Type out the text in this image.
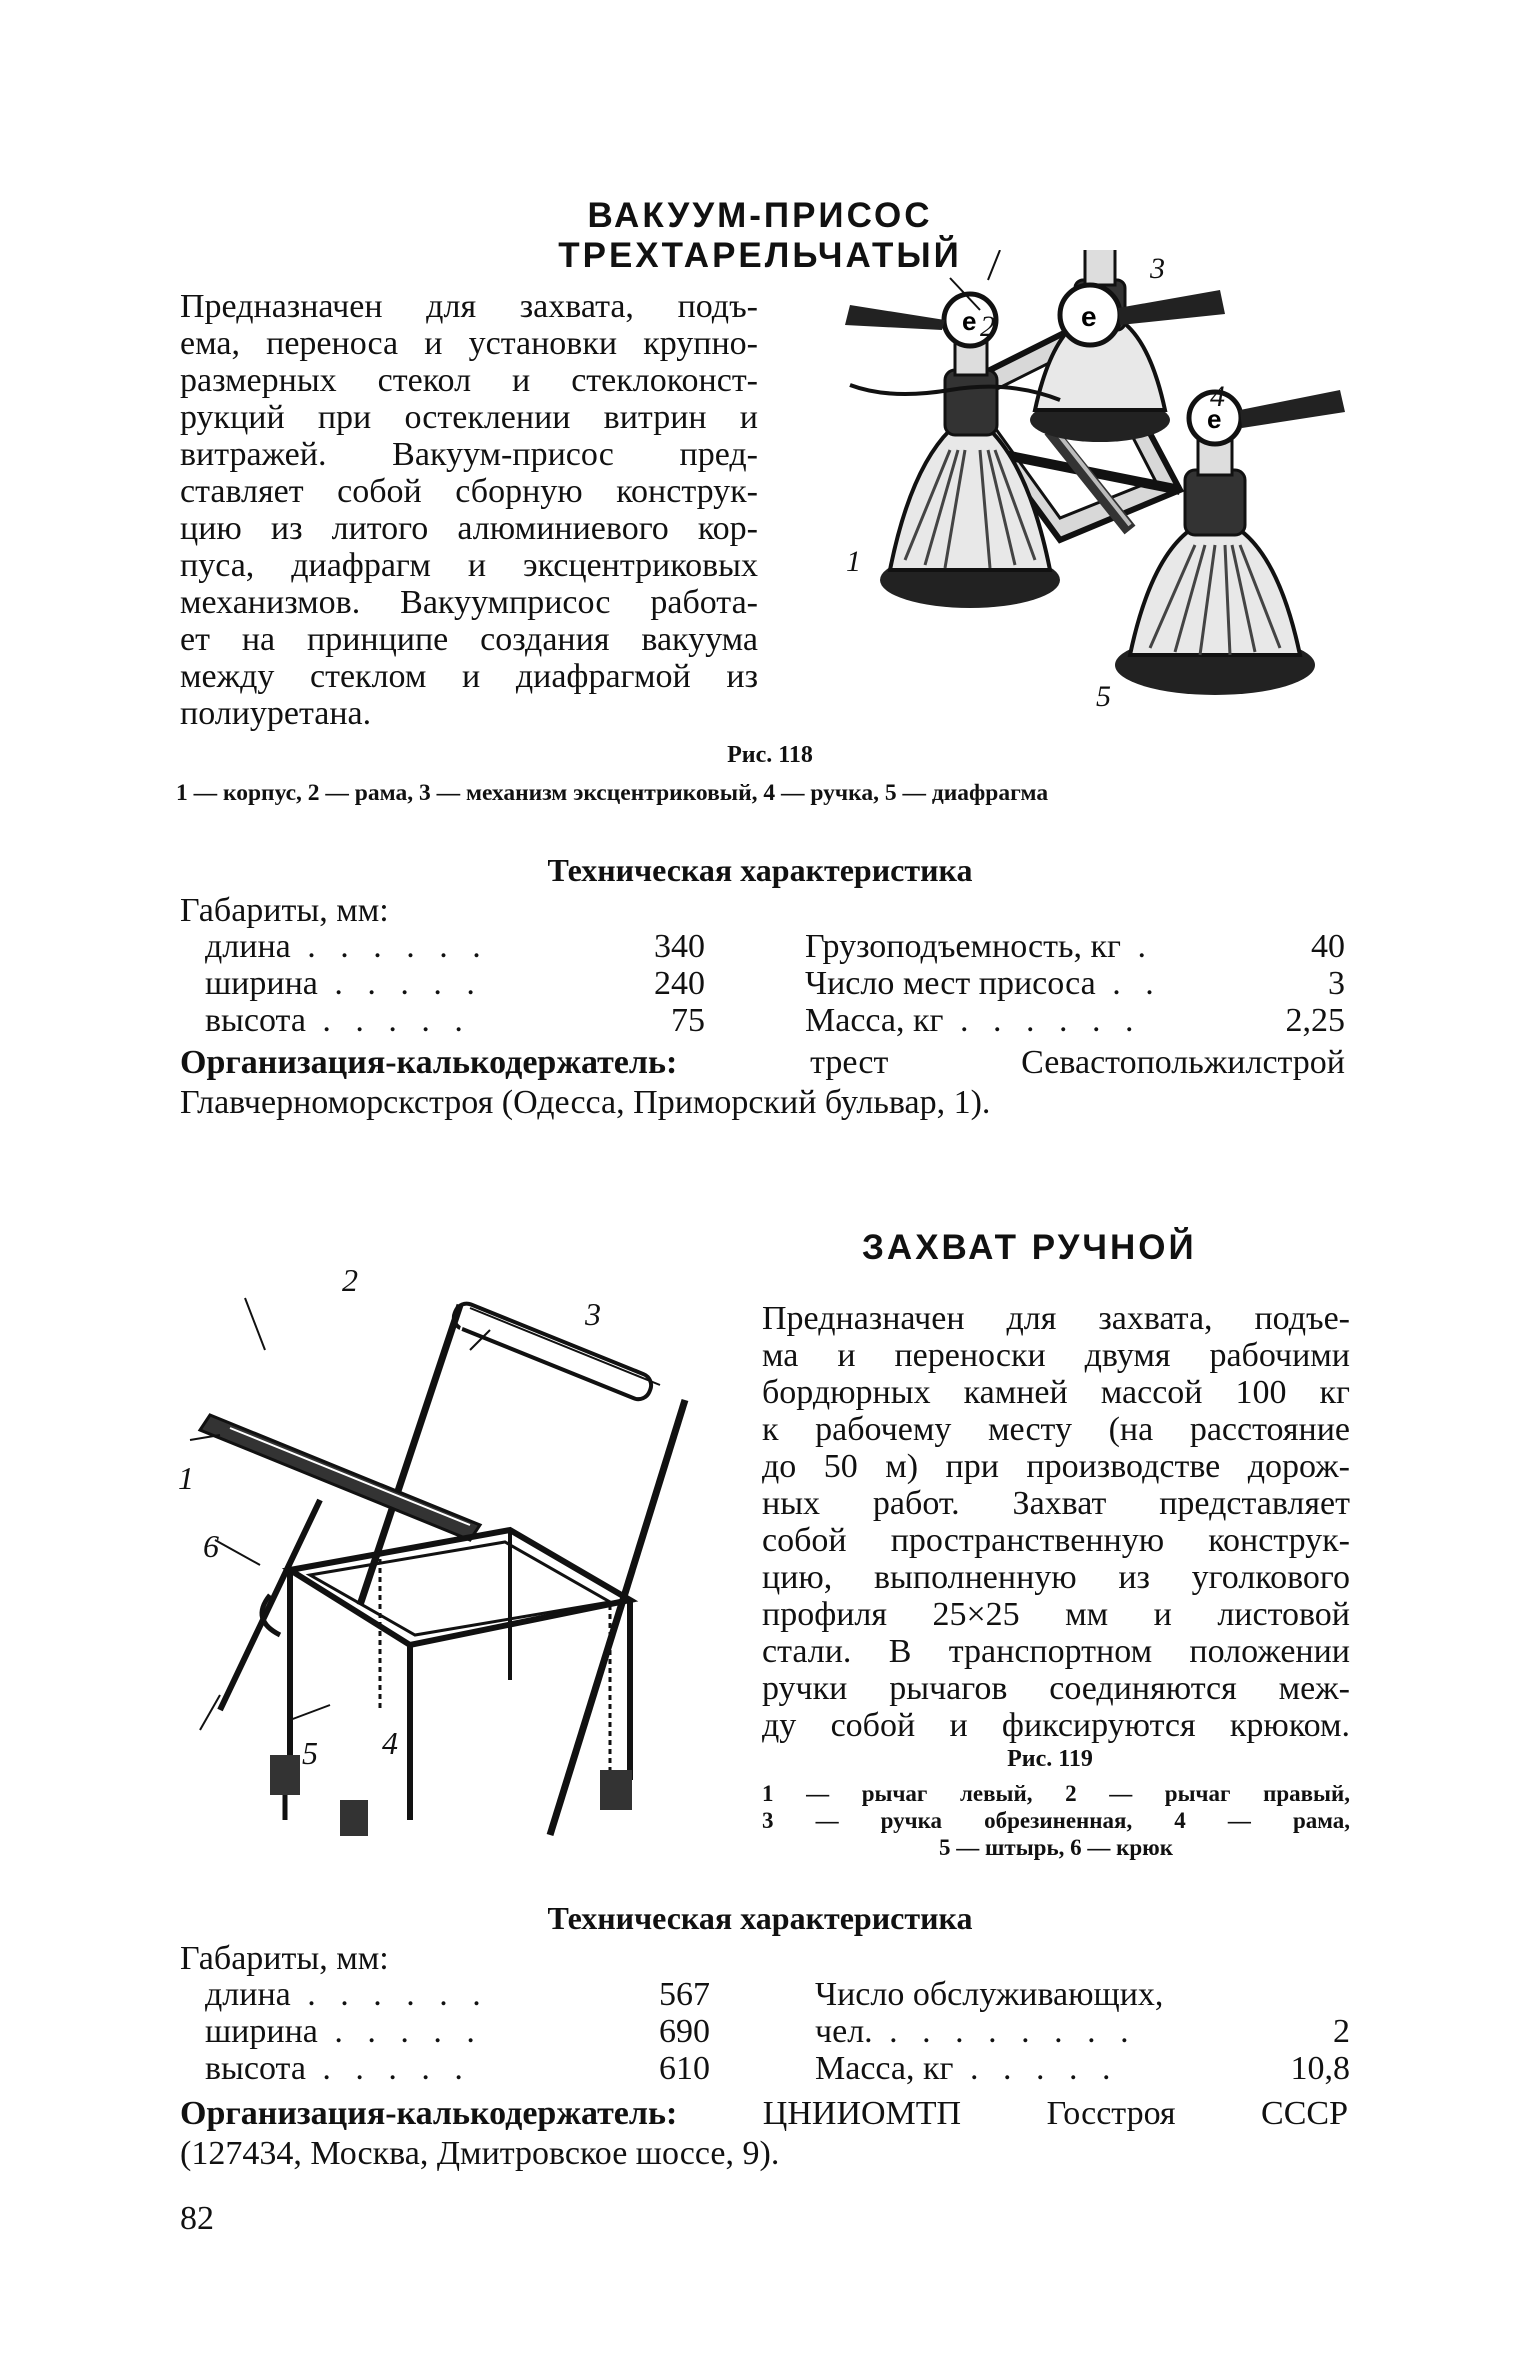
ВАКУУМ-ПРИСОС ТРЕХТАРЕЛЬЧАТЫЙ
Предназначен для захвата, подъ-
ема, переноса и установки крупно-
размерных стекол и стеклоконст-
рукций при остеклении витрин и
витражей. Вакуум-присос пред-
ставляет собой сборную конструк-
цию из литого алюминиевого кор-
пуса, диафрагм и эксцентриковых
механизмов. Вакуумприсос работа-
ет на принципе создания вакуума
между стеклом и диафрагмой из
полиуретана.
e
e
e
2
3
4
1
5
Рис. 118
1 — корпус, 2 — рама, 3 — механизм эксцентриковый, 4 — ручка, 5 — диафрагма
Техническая характеристика
Габариты, мм:
длина . . . . . .	340
ширина . . . . .	240
высота . . . . .	75
Грузоподъемность, кг .	40
Число мест присоса . .	3
Масса, кг . . . . . .	2,25
Организация-калькодержатель:	трест Севастопольжилстрой
Главчерноморскстроя (Одесса, Приморский бульвар, 1).
ЗАХВАТ РУЧНОЙ
2
3
1
6
5 4
Предназначен для захвата, подъе-
ма и переноски двумя рабочими
бордюрных камней массой 100 кг
к рабочему месту (на расстояние
до 50 м) при производстве дорож-
ных работ. Захват представляет
собой пространственную конструк-
цию, выполненную из уголкового
профиля 25×25 мм и листовой
стали. В транспортном положении
ручки рычагов соединяются меж-
ду собой и фиксируются крюком.
Рис. 119
1 — рычаг левый, 2 — рычаг правый,
3 — ручка обрезиненная, 4 — рама,
5 — штырь, 6 — крюк
Техническая характеристика
Габариты, мм:
длина . . . . . .	567
ширина . . . . .	690
высота . . . . .	610
Число обслуживающих,
чел. . . . . . . . .	2
Масса, кг . . . . .	10,8
Организация-калькодержатель:	ЦНИИОМТП Госстроя СССР
(127434, Москва, Дмитровское шоссе, 9).
82
